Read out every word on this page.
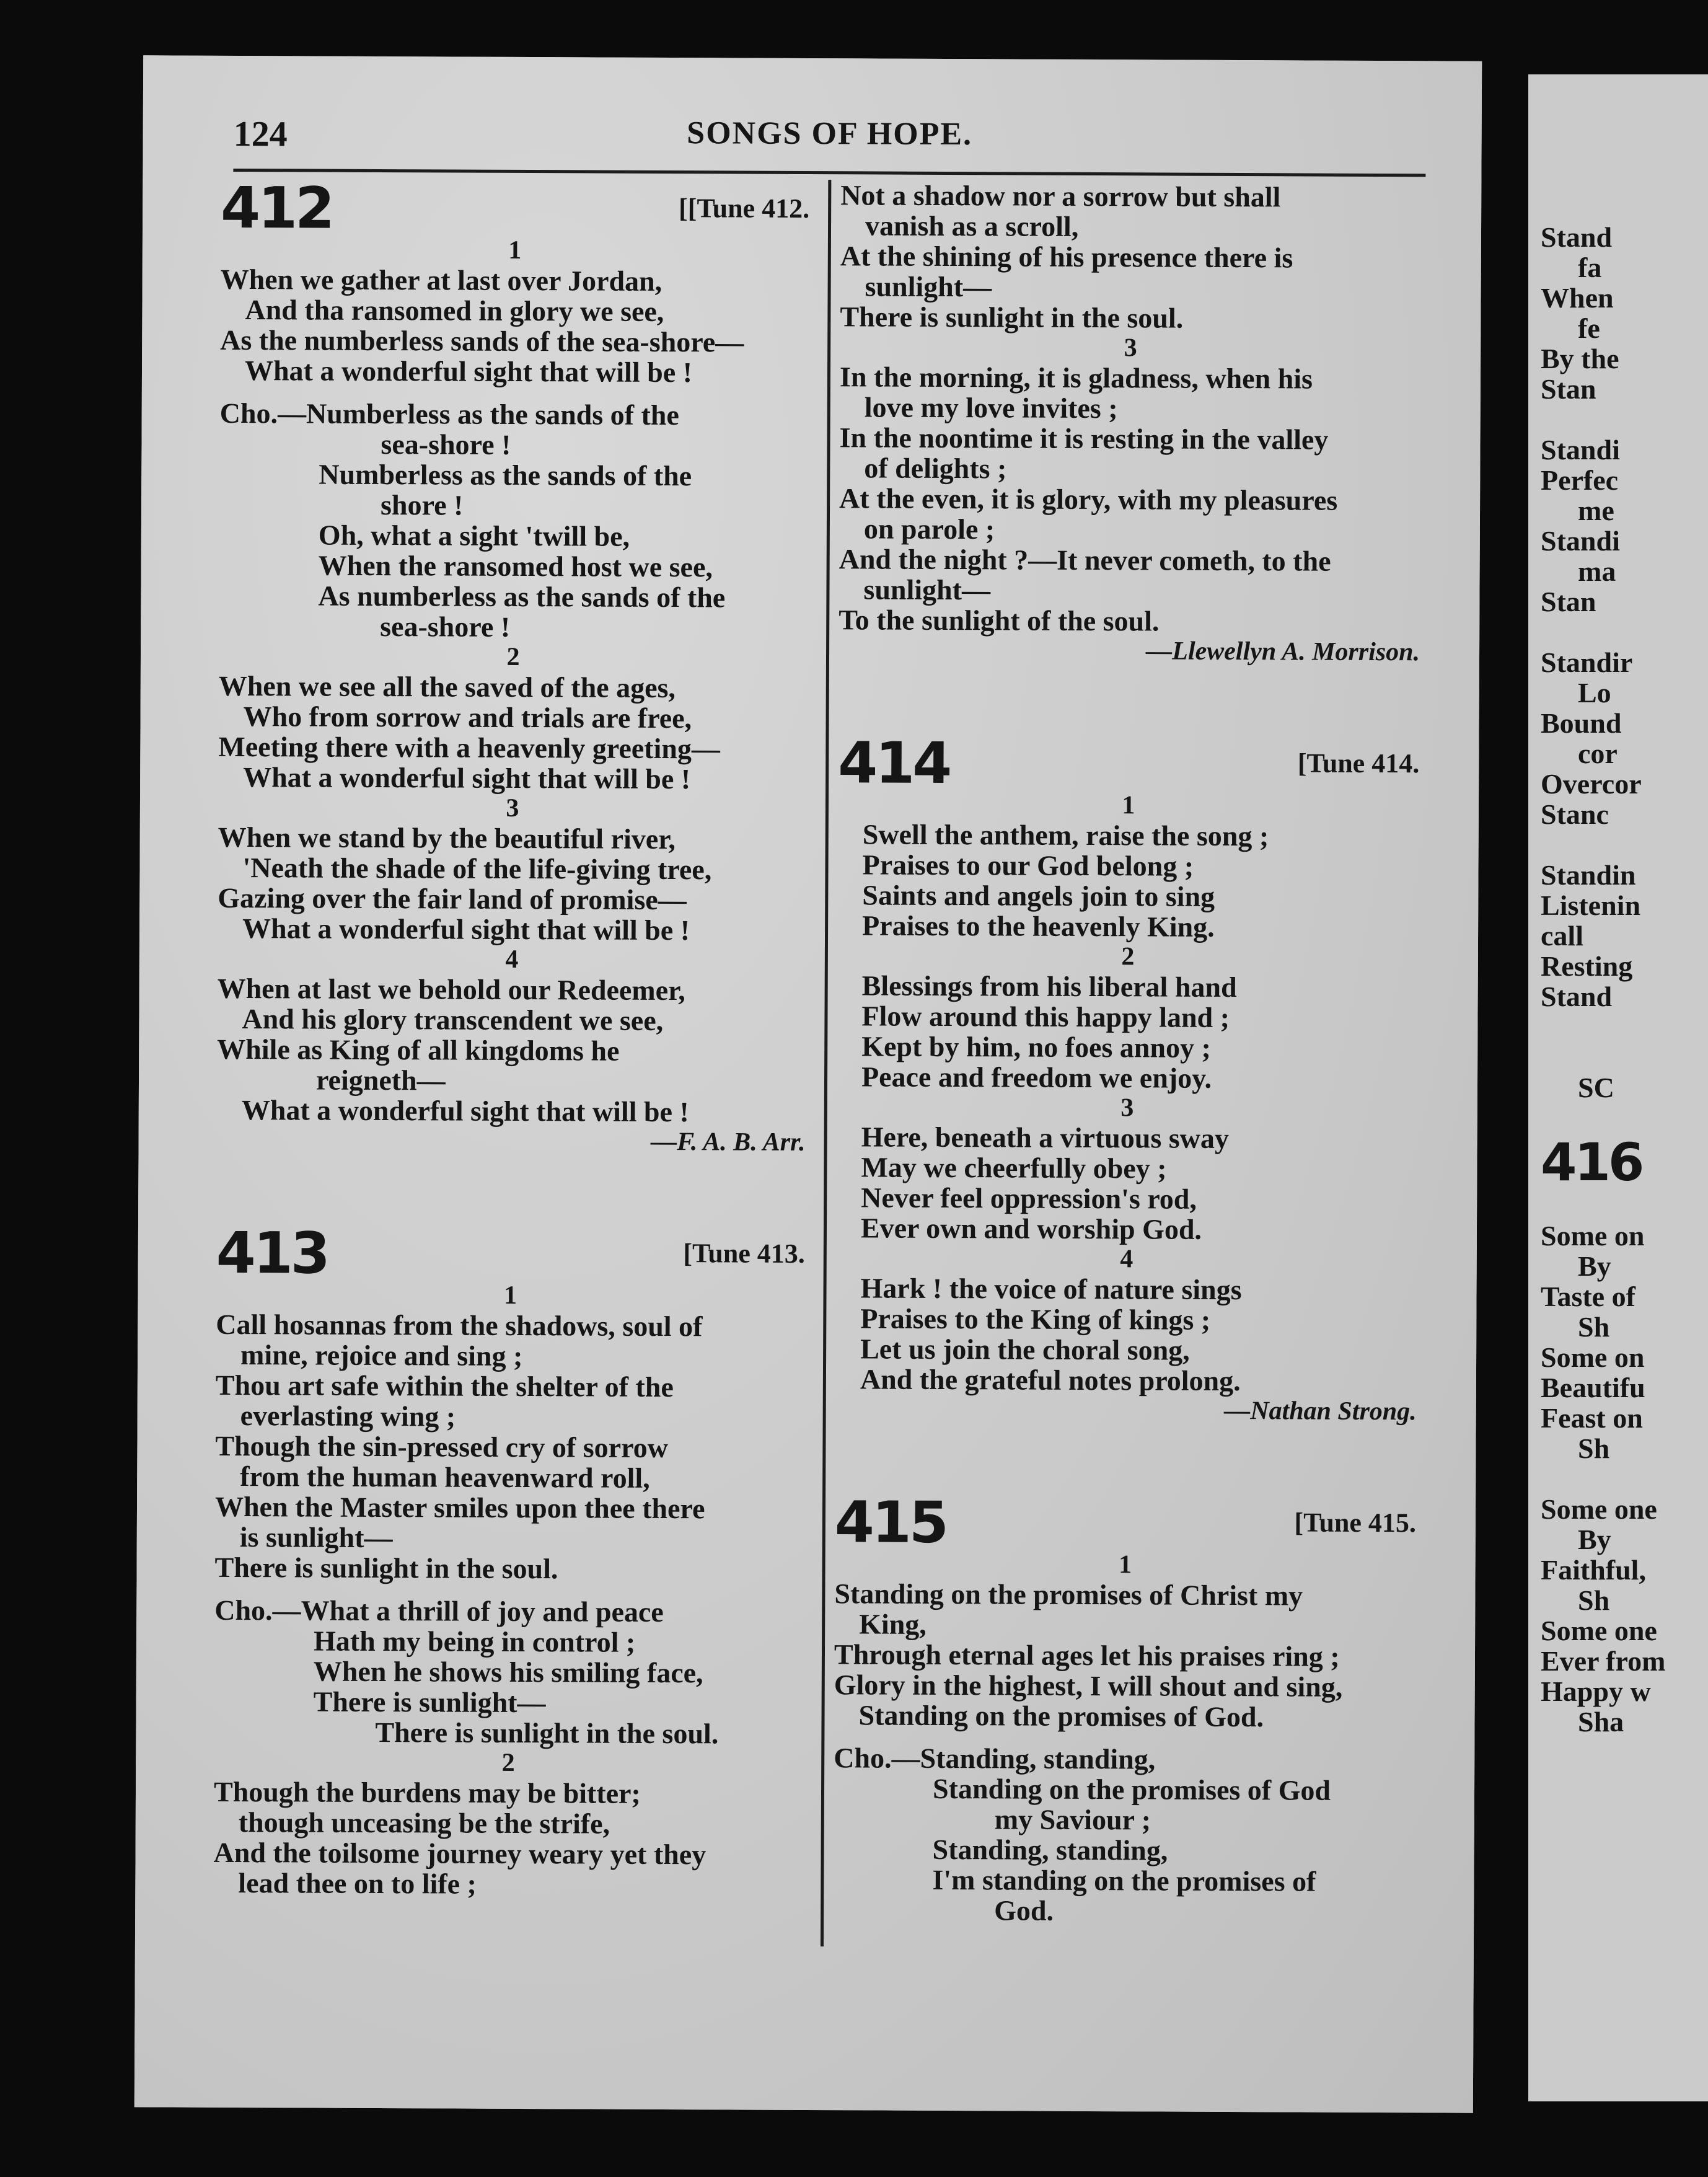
124	SONGS OF HOPE.
412	[[Tune 412.
1
When we gather at last over Jordan,
And tha ransomed in glory we see,
As the numberless sands of the sea-shore—
What a wonderful sight that will be !
Cho.—Numberless as the sands of the
sea-shore !
Numberless as the sands of the
shore !
Oh, what a sight 'twill be,
When the ransomed host we see,
As numberless as the sands of the
sea-shore !
2
When we see all the saved of the ages,
Who from sorrow and trials are free,
Meeting there with a heavenly greeting—
What a wonderful sight that will be !
3
When we stand by the beautiful river,
'Neath the shade of the life-giving tree,
Gazing over the fair land of promise—
What a wonderful sight that will be !
4
When at last we behold our Redeemer,
And his glory transcendent we see,
While as King of all kingdoms he
reigneth—
What a wonderful sight that will be !
—F. A. B. Arr.
413	[Tune 413.
1
Call hosannas from the shadows, soul of
mine, rejoice and sing ;
Thou art safe within the shelter of the
everlasting wing ;
Though the sin-pressed cry of sorrow
from the human heavenward roll,
When the Master smiles upon thee there
is sunlight—
There is sunlight in the soul.
Cho.—What a thrill of joy and peace
Hath my being in control ;
When he shows his smiling face,
There is sunlight—
There is sunlight in the soul.
2
Though the burdens may be bitter;
though unceasing be the strife,
And the toilsome journey weary yet they
lead thee on to life ;
Not a shadow nor a sorrow but shall
vanish as a scroll,
At the shining of his presence there is
sunlight—
There is sunlight in the soul.
3
In the morning, it is gladness, when his
love my love invites ;
In the noontime it is resting in the valley
of delights ;
At the even, it is glory, with my pleasures
on parole ;
And the night ?—It never cometh, to the
sunlight—
To the sunlight of the soul.
—Llewellyn A. Morrison.
414	[Tune 414.
1
Swell the anthem, raise the song ;
Praises to our God belong ;
Saints and angels join to sing
Praises to the heavenly King.
2
Blessings from his liberal hand
Flow around this happy land ;
Kept by him, no foes annoy ;
Peace and freedom we enjoy.
3
Here, beneath a virtuous sway
May we cheerfully obey ;
Never feel oppression's rod,
Ever own and worship God.
4
Hark ! the voice of nature sings
Praises to the King of kings ;
Let us join the choral song,
And the grateful notes prolong.
—Nathan Strong.
415	[Tune 415.
1
Standing on the promises of Christ my
King,
Through eternal ages let his praises ring ;
Glory in the highest, I will shout and sing,
Standing on the promises of God.
Cho.—Standing, standing,
Standing on the promises of God
my Saviour ;
Standing, standing,
I'm standing on the promises of
God.
Stand
fa
When
fe
By the
Stan
Standi
Perfec
me
Standi
ma
Stan
Standir
Lo
Bound
cor
Overcor
Stanc
Standin
Listenin
call
Resting
Stand
SC
416
Some on
By
Taste of
Sh
Some on
Beautifu
Feast on
Sh
Some one
By
Faithful,
Sh
Some one
Ever from
Happy w
Sha
